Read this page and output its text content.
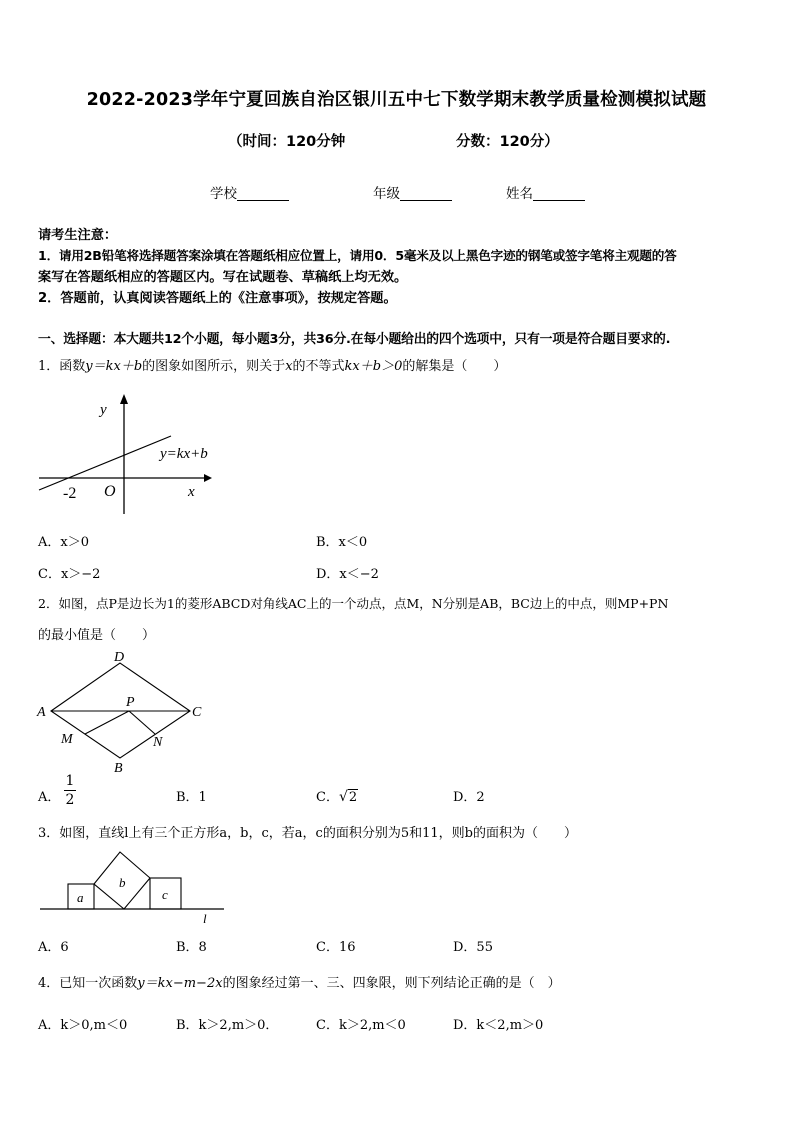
2022-2023学年宁夏回族自治区银川五中七下数学期末教学质量检测模拟试题
（时间：120分钟	分数：120分）
学校	年级	姓名
请考生注意：
1．请用2B铅笔将选择题答案涂填在答题纸相应位置上，请用0．5毫米及以上黑色字迹的钢笔或签字笔将主观题的答
案写在答题纸相应的答题区内。写在试题卷、草稿纸上均无效。
2．答题前，认真阅读答题纸上的《注意事项》，按规定答题。
一、选择题：本大题共12个小题，每小题3分，共36分.在每小题给出的四个选项中，只有一项是符合题目要求的.
1．函数y＝kx＋b的图象如图所示，则关于x的不等式kx＋b＞0的解集是（　　）
y
x
O
-2
y=kx+b
A．x＞0	B．x＜0
C．x＞−2	D．x＜−2
2．如图，点P是边长为1的菱形ABCD对角线AC上的一个动点，点M，N分别是AB，BC边上的中点，则MP+PN
的最小值是（　　）
D
A	C
B
P
M	N
A．
1
2	B．1	C．√2	D．2
3．如图，直线l上有三个正方形a，b，c，若a，c的面积分别为5和11，则b的面积为（　　）
a
b
c
l
A．6	B．8	C．16	D．55
4．已知一次函数y＝kx−m−2x的图象经过第一、三、四象限，则下列结论正确的是（　）
A．k＞0,m＜0	B．k＞2,m＞0．	C．k＞2,m＜0	D．k＜2,m＞0
